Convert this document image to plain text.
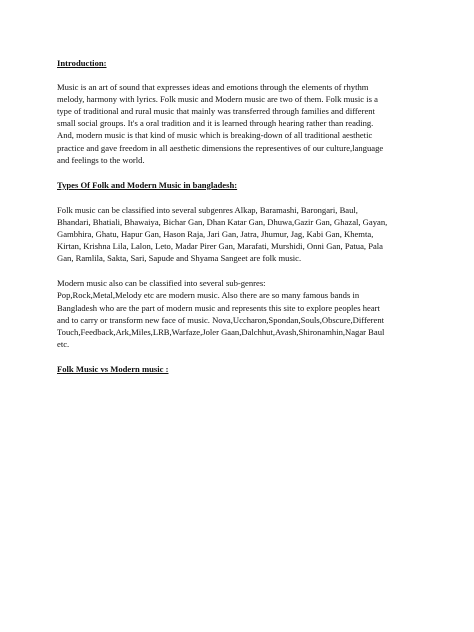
Introduction:
Music is an art of sound that expresses ideas and emotions through the elements of rhythm
melody, harmony with lyrics. Folk music and Modern music are two of them. Folk music is a
type of traditional and rural music that mainly was transferred through families and different
small social groups. It's a oral tradition and it is learned through hearing rather than reading.
And, modern music is that kind of music which is breaking-down of all traditional aesthetic
practice and gave freedom in all aesthetic dimensions the representives of our culture,language
and feelings to the world.
Types Of Folk and Modern Music in bangladesh:
Folk music can be classified into several subgenres Alkap, Baramashi, Barongari, Baul,
Bhandari, Bhatiali, Bhawaiya, Bichar Gan, Dhan Katar Gan, Dhuwa,Gazir Gan, Ghazal, Gayan,
Gambhira, Ghatu, Hapur Gan, Hason Raja, Jari Gan, Jatra, Jhumur, Jag, Kabi Gan, Khemta,
Kirtan, Krishna Lila, Lalon, Leto, Madar Pirer Gan, Marafati, Murshidi, Onni Gan, Patua, Pala
Gan, Ramlila, Sakta, Sari, Sapude and Shyama Sangeet are folk music.
Modern music also can be classified into several sub-genres:
Pop,Rock,Metal,Melody etc are modern music. Also there are so many famous bands in
Bangladesh who are the part of modern music and represents this site to explore peoples heart
and to carry or transform new face of music. Nova,Uccharon,Spondan,Souls,Obscure,Different
Touch,Feedback,Ark,Miles,LRB,Warfaze,Joler Gaan,Dalchhut,Avash,Shironamhin,Nagar Baul
etc.
Folk Music vs Modern music :
